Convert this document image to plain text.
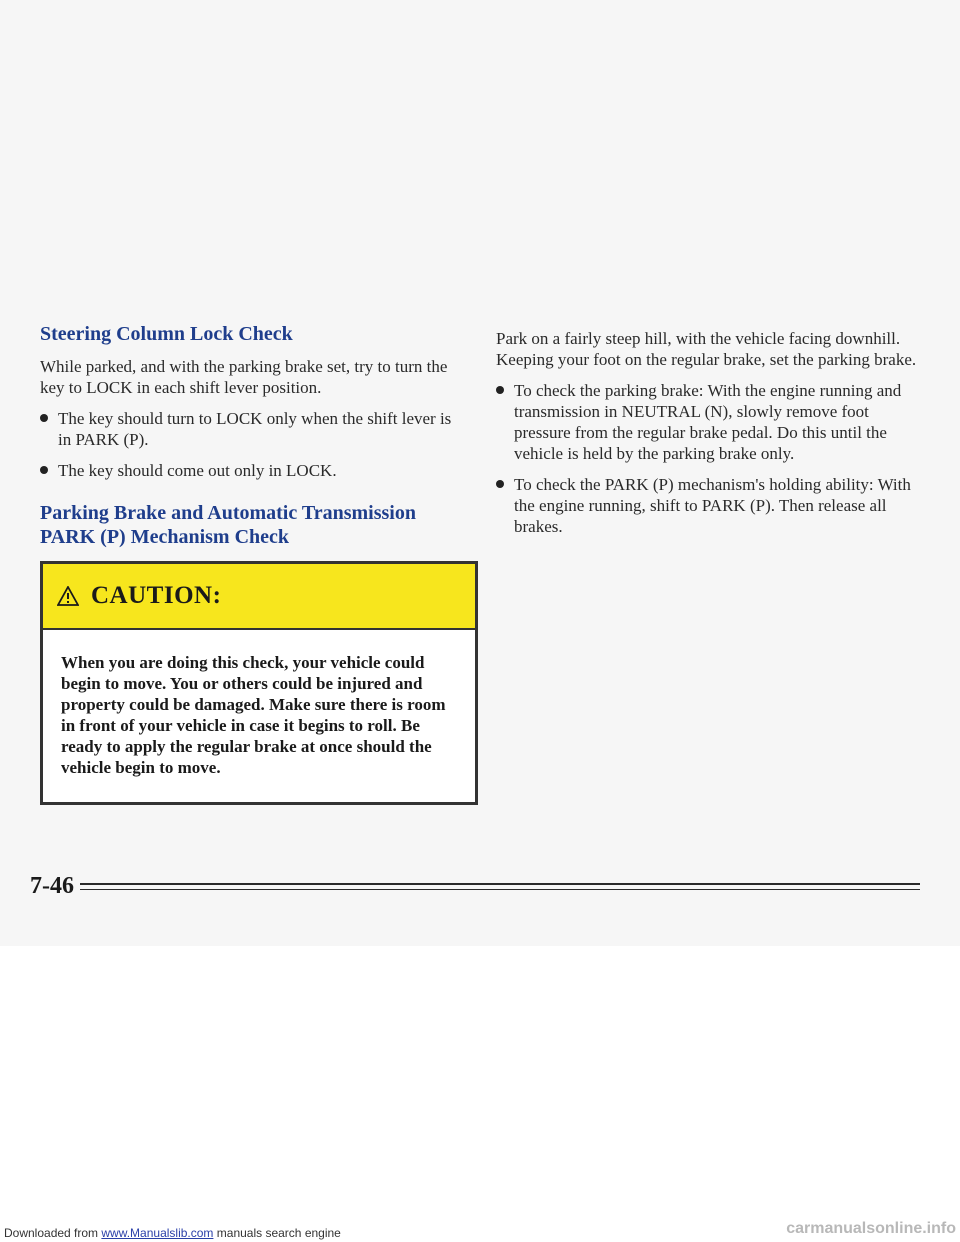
Steering Column Lock Check

While parked, and with the parking brake set, try to turn the key to LOCK in each shift lever position.

The key should turn to LOCK only when the shift lever is in PARK (P).
The key should come out only in LOCK.
Parking Brake and Automatic Transmission
PARK (P) Mechanism Check
CAUTION:
When you are doing this check, your vehicle could begin to move. You or others could be injured and property could be damaged. Make sure there is room in front of your vehicle in case it begins to roll. Be ready to apply the regular brake at once should the vehicle begin to move.

Park on a fairly steep hill, with the vehicle facing downhill. Keeping your foot on the regular brake, set the parking brake.

To check the parking brake: With the engine running and transmission in NEUTRAL (N), slowly remove foot pressure from the regular brake pedal. Do this until the vehicle is held by the parking brake only.
To check the PARK (P) mechanism's holding ability: With the engine running, shift to PARK (P). Then release all brakes.
7-46
Downloaded from www.Manualslib.com manuals search engine	carmanualsonline.info
